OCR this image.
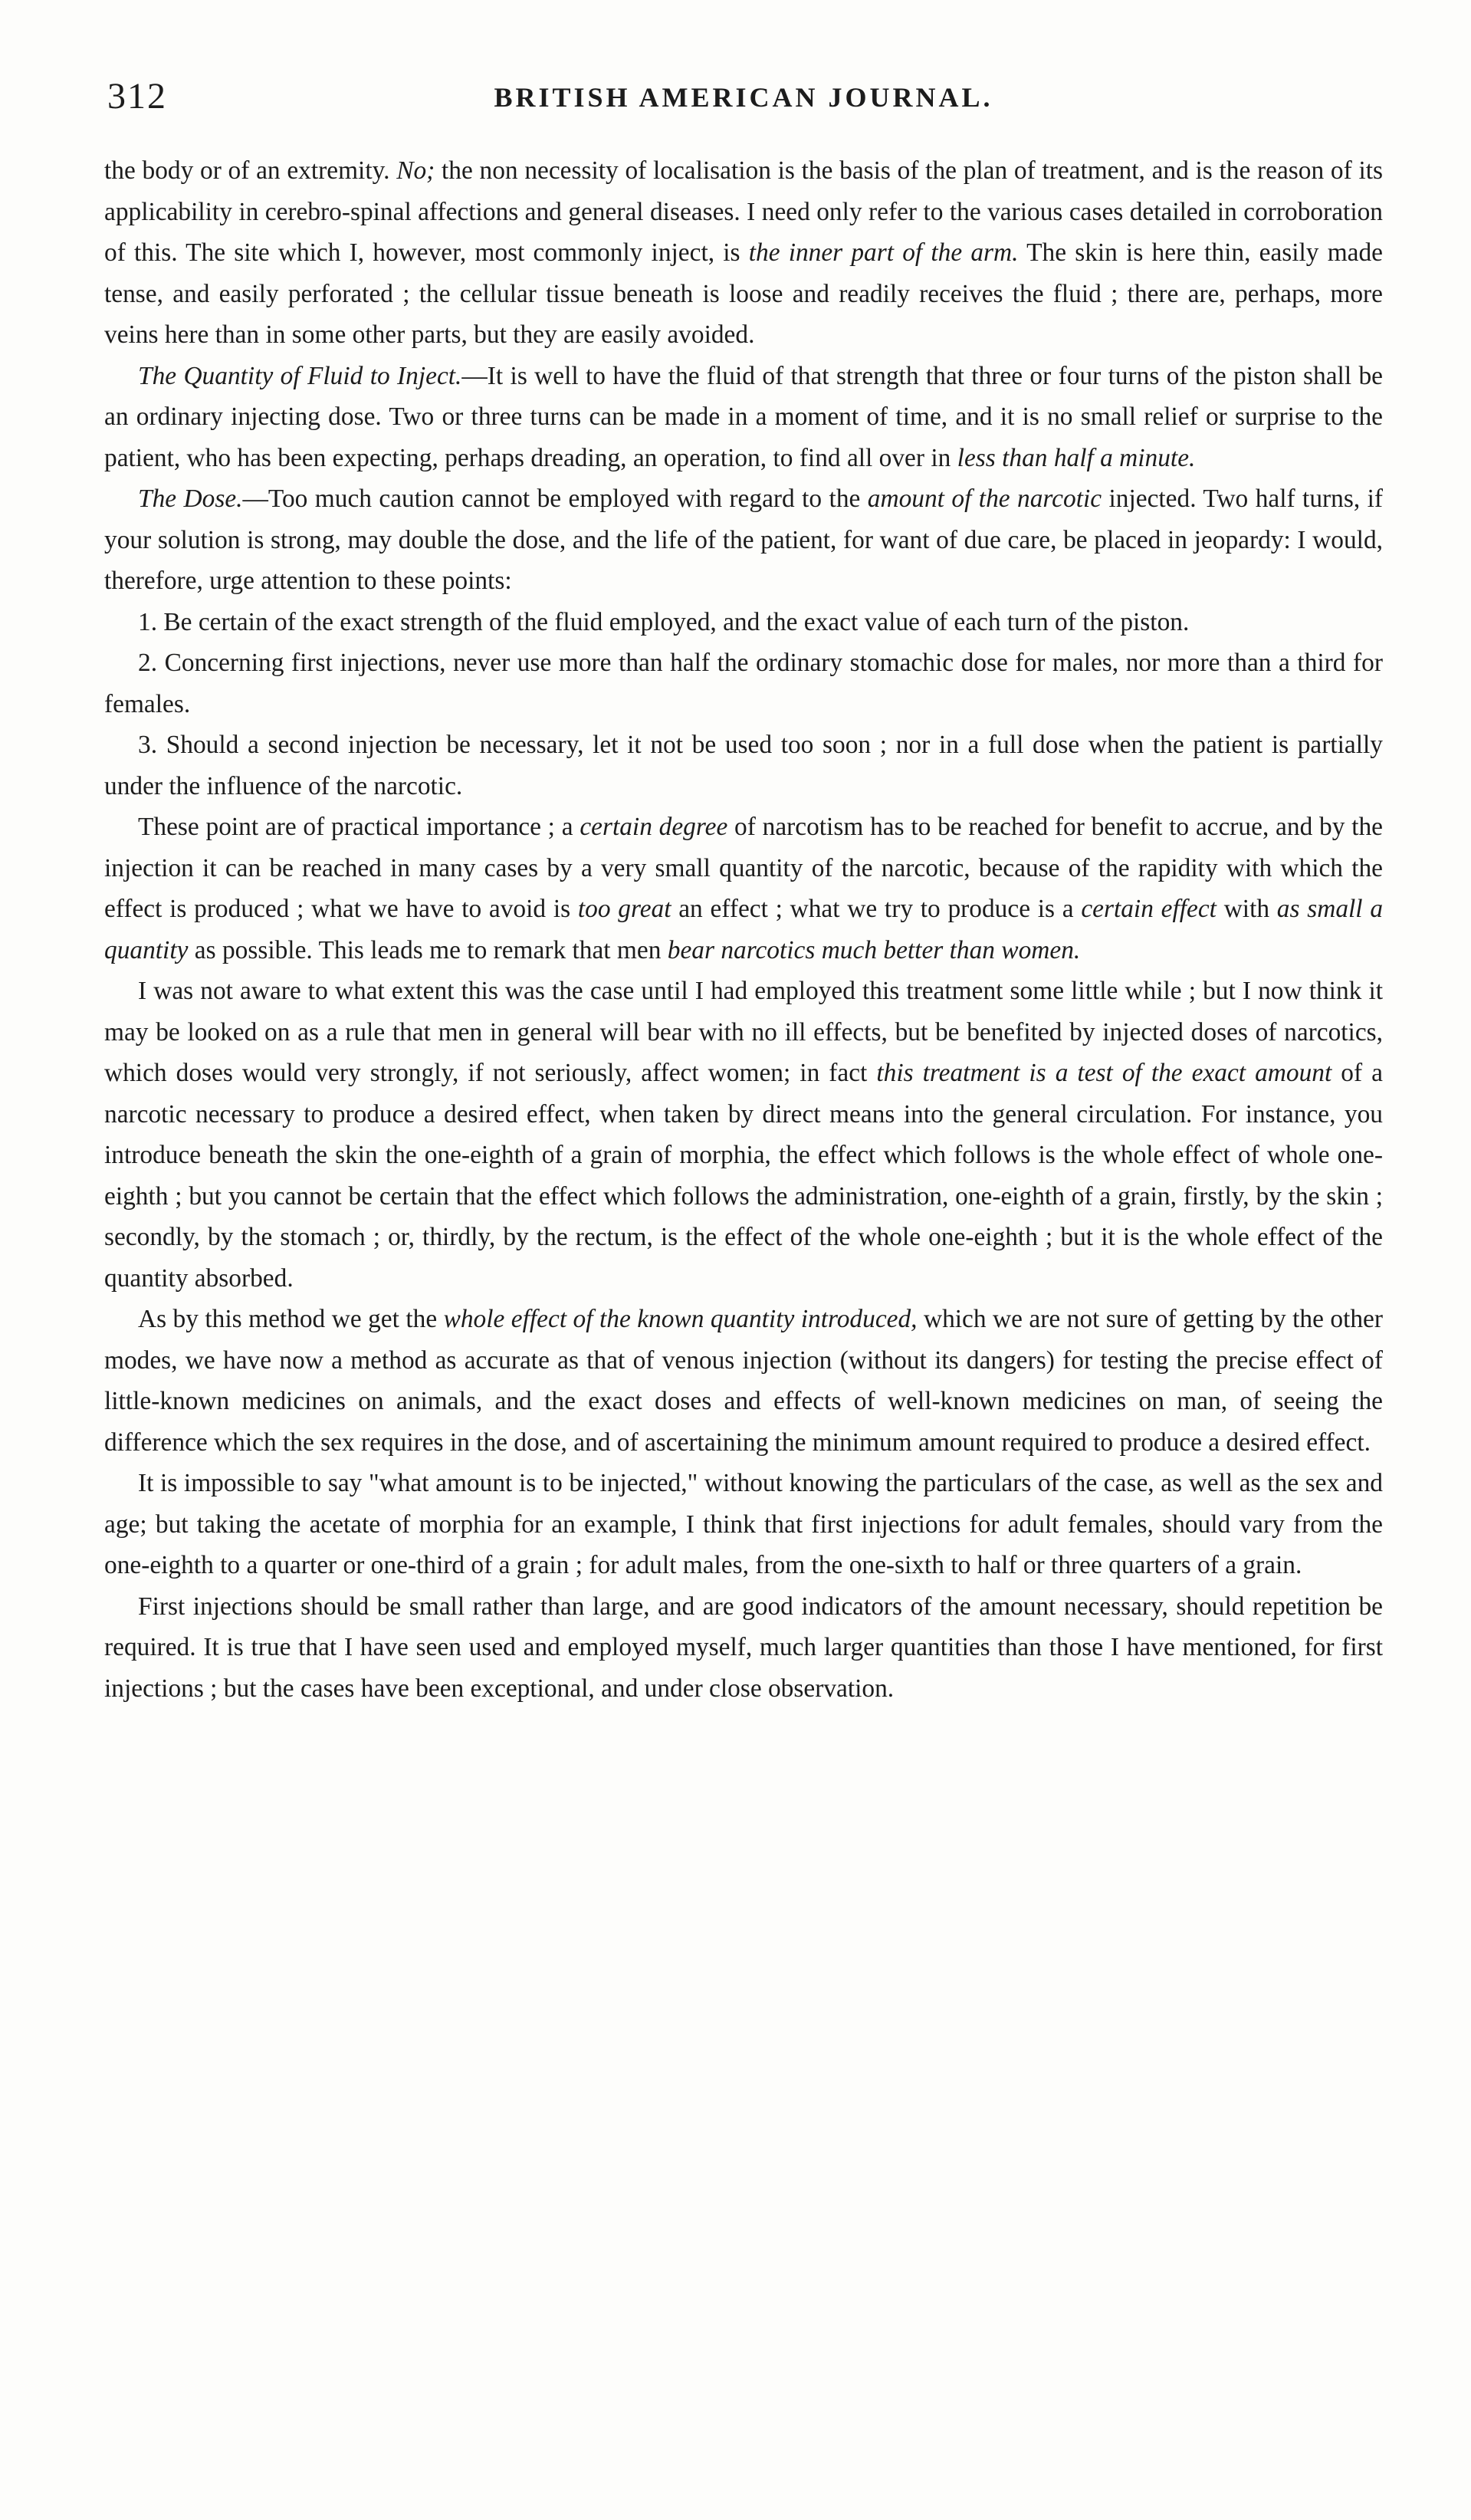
312	BRITISH AMERICAN JOURNAL.

the body or of an extremity. No; the non necessity of localisation is the basis of the plan of treatment, and is the reason of its applicability in cerebro-spinal affections and general diseases. I need only refer to the various cases detailed in corroboration of this. The site which I, however, most commonly inject, is the inner part of the arm. The skin is here thin, easily made tense, and easily perforated ; the cellular tissue beneath is loose and readily receives the fluid ; there are, perhaps, more veins here than in some other parts, but they are easily avoided.

The Quantity of Fluid to Inject.—It is well to have the fluid of that strength that three or four turns of the piston shall be an ordinary injecting dose. Two or three turns can be made in a moment of time, and it is no small relief or surprise to the patient, who has been expecting, perhaps dreading, an operation, to find all over in less than half a minute.

The Dose.—Too much caution cannot be employed with regard to the amount of the narcotic injected. Two half turns, if your solution is strong, may double the dose, and the life of the patient, for want of due care, be placed in jeopardy: I would, therefore, urge attention to these points:

1. Be certain of the exact strength of the fluid employed, and the exact value of each turn of the piston.

2. Concerning first injections, never use more than half the ordinary stomachic dose for males, nor more than a third for females.

3. Should a second injection be necessary, let it not be used too soon ; nor in a full dose when the patient is partially under the influence of the narcotic.

These point are of practical importance ; a certain degree of narcotism has to be reached for benefit to accrue, and by the injection it can be reached in many cases by a very small quantity of the narcotic, because of the rapidity with which the effect is produced ; what we have to avoid is too great an effect ; what we try to produce is a certain effect with as small a quantity as possible. This leads me to remark that men bear narcotics much better than women.

I was not aware to what extent this was the case until I had employed this treatment some little while ; but I now think it may be looked on as a rule that men in general will bear with no ill effects, but be benefited by injected doses of narcotics, which doses would very strongly, if not seriously, affect women; in fact this treatment is a test of the exact amount of a narcotic necessary to produce a desired effect, when taken by direct means into the general circulation. For instance, you introduce beneath the skin the one-eighth of a grain of morphia, the effect which follows is the whole effect of whole one-eighth ; but you cannot be certain that the effect which follows the administration, one-eighth of a grain, firstly, by the skin ; secondly, by the stomach ; or, thirdly, by the rectum, is the effect of the whole one-eighth ; but it is the whole effect of the quantity absorbed.

As by this method we get the whole effect of the known quantity introduced, which we are not sure of getting by the other modes, we have now a method as accurate as that of venous injection (without its dangers) for testing the precise effect of little-known medicines on animals, and the exact doses and effects of well-known medicines on man, of seeing the difference which the sex requires in the dose, and of ascertaining the minimum amount required to produce a desired effect.

It is impossible to say "what amount is to be injected," without knowing the particulars of the case, as well as the sex and age; but taking the acetate of morphia for an example, I think that first injections for adult females, should vary from the one-eighth to a quarter or one-third of a grain ; for adult males, from the one-sixth to half or three quarters of a grain.

First injections should be small rather than large, and are good indicators of the amount necessary, should repetition be required. It is true that I have seen used and employed myself, much larger quantities than those I have mentioned, for first injections ; but the cases have been exceptional, and under close observation.
